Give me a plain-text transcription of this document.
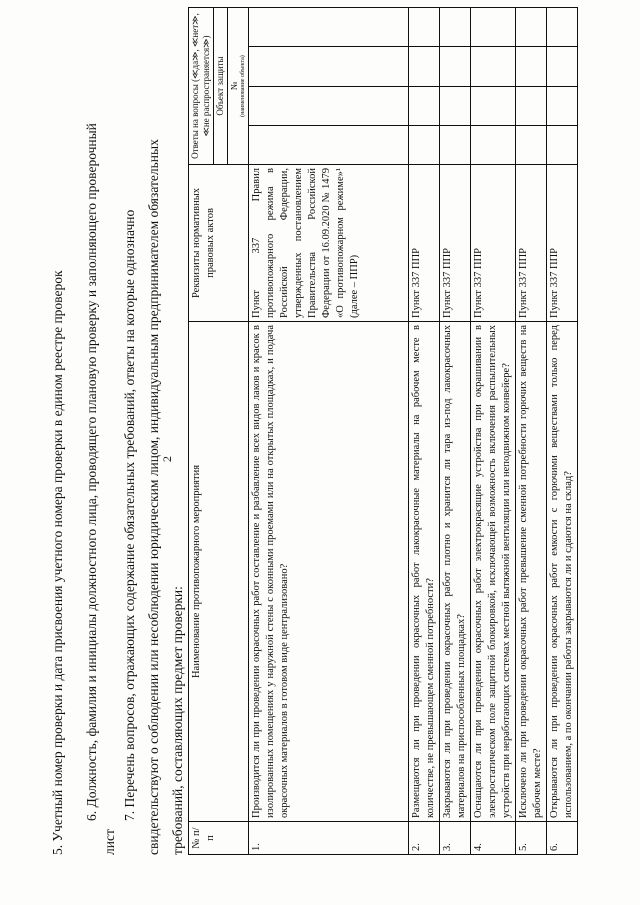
2
5. Учетный номер проверки и дата присвоения учетного номера проверки в едином реестре проверок	6. Должность, фамилия и инициалы должностного лица, проводящего плановую проверку и заполняющего проверочный
лист
7. Перечень вопросов, отражающих содержание обязательных требований, ответы на которые однозначно свидетельствуют о соблюдении или несоблюдении юридическим лицом, индивидуальным предпринимателем обязательных требований, составляющих предмет проверки: № п/п	Наименование противопожарного мероприятия	Реквизиты нормативных правовых актов	Ответы на вопросы (≪да≫, ≪нет≫, ≪не распространяется≫)			
			Объект защиты			
			№ (наименование объекта)			

1.	Производится ли при проведении окрасочных работ составление и разбавление всех видов лаков и красок в изолированных помещениях у наружной стены с оконными проемами или на открытых площадках, и подача окрасочных материалов в готовом виде централизовано?	Пункт 337 Правил противопожарного режима в Российской Федерации, утвержденных постановлением Правительства Российской Федерации от 16.09.2020 № 1479 «О противопожарном режиме»¹ (далее – ППР)				
2.	Размещаются ли при проведении окрасочных работ лакокрасочные материалы на рабочем месте в количестве, не превышающем сменной потребности?	Пункт 337 ППР				
3.	Закрываются ли при проведении окрасочных работ плотно и хранится ли тара из-под лакокрасочных материалов на приспособленных площадках?	Пункт 337 ППР				
4.	Оснащаются ли при проведении окрасочных работ электрокрасящие устройства при окрашивании в электростатическом поле защитной блокировкой, исключающей возможность включения распылительных устройств при неработающих системах местной вытяжной вентиляции или неподвижном конвейере?	Пункт 337 ППР				
5.	Исключено ли при проведении окрасочных работ превышение сменной потребности горючих веществ на рабочем месте?	Пункт 337 ППР				
6.	Открываются ли при проведении окрасочных работ емкости с горючими веществами только перед использованием, а по окончании работы закрываются ли и сдаются на склад?	Пункт 337 ППР				
